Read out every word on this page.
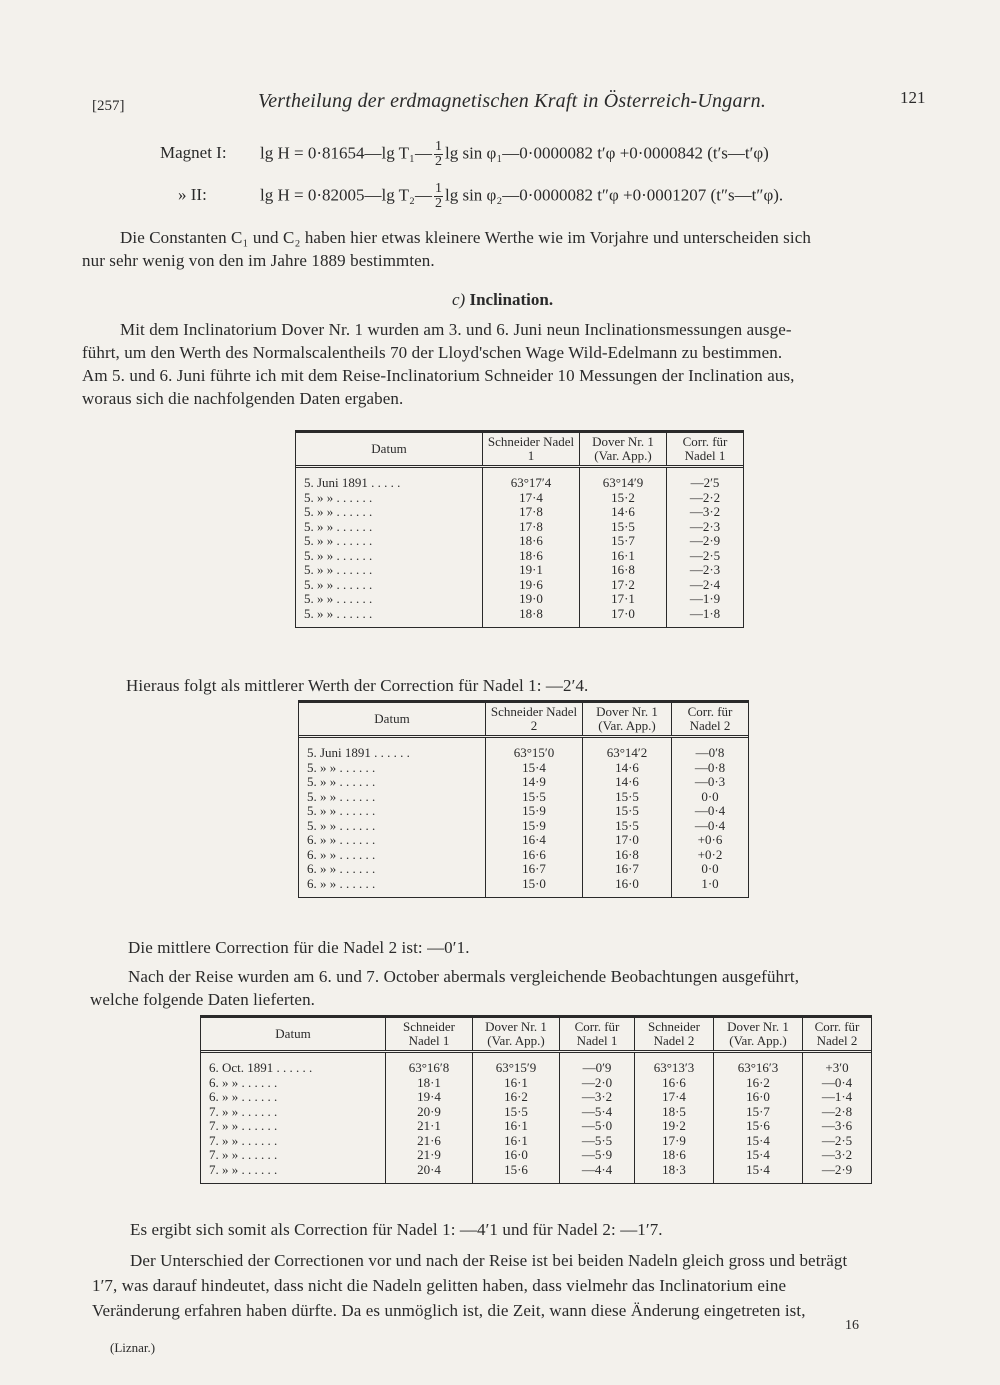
[257]	Vertheilung der erdmagnetischen Kraft in Österreich-Ungarn.	121
Magnet I: lg H = 0·81654—lg T₁— $\frac{1}{2}$ lg sin φ₁—0·0000082 t′φ +0·0000842 (t′s—t′φ)
» II:	lg H = 0·82005—lg T₂— $\frac{1}{2}$ lg sin φ₂—0·0000082 t″φ +0·0001207 (t″s—t″φ).
Die Constanten C₁ und C₂ haben hier etwas kleinere Werthe wie im Vorjahre und unterscheiden sich
nur sehr wenig von den im Jahre 1889 bestimmten.
c) Inclination.
Mit dem Inclinatorium Dover Nr. 1 wurden am 3. und 6. Juni neun Inclinationsmessungen ausge-
führt, um den Werth des Normalscalentheils 70 der Lloyd'schen Wage Wild-Edelmann zu bestimmen.
Am 5. und 6. Juni führte ich mit dem Reise-Inclinatorium Schneider 10 Messungen der Inclination aus,
woraus sich die nachfolgenden Daten ergaben.
Datum	Schneider Nadel 1	Dover Nr. 1 (Var. App.)	Corr. für Nadel 1
5. Juni 1891 . . . . .	63°17′4	63°14′9	—2′5
5. » » . . . . . .	17·4	15·2	—2·2
5. » » . . . . . .	17·8	14·6	—3·2
5. » » . . . . . .	17·8	15·5	—2·3
5. » » . . . . . .	18·6	15·7	—2·9
5. » » . . . . . .	18·6	16·1	—2·5
5. » » . . . . . .	19·1	16·8	—2·3
5. » » . . . . . .	19·6	17·2	—2·4
5. » » . . . . . .	19·0	17·1	—1·9
5. » » . . . . . .	18·8	17·0	—1·8
Hieraus folgt als mittlerer Werth der Correction für Nadel 1: —2′4.
Datum	Schneider Nadel 2	Dover Nr. 1 (Var. App.)	Corr. für Nadel 2
5. Juni 1891 . . . . . .	63°15′0	63°14′2	—0′8
5. » » . . . . . .	15·4	14·6	—0·8
5. » » . . . . . .	14·9	14·6	—0·3
5. » » . . . . . .	15·5	15·5	0·0
5. » » . . . . . .	15·9	15·5	—0·4
5. » » . . . . . .	15·9	15·5	—0·4
6. » » . . . . . .	16·4	17·0	+0·6
6. » » . . . . . .	16·6	16·8	+0·2
6. » » . . . . . .	16·7	16·7	0·0
6. » » . . . . . .	15·0	16·0	1·0
Die mittlere Correction für die Nadel 2 ist: —0′1.
Nach der Reise wurden am 6. und 7. October abermals vergleichende Beobachtungen ausgeführt,
welche folgende Daten lieferten.
Datum	Schneider Nadel 1	Dover Nr. 1 (Var. App.)	Corr. für Nadel 1	Schneider Nadel 2	Dover Nr. 1 (Var. App.)	Corr. für Nadel 2
6. Oct. 1891 . . . . . .	63°16′8	63°15′9	—0′9	63°13′3	63°16′3	+3′0
6. » » . . . . . .	18·1	16·1	—2·0	16·6	16·2	—0·4
6. » » . . . . . .	19·4	16·2	—3·2	17·4	16·0	—1·4
7. » » . . . . . .	20·9	15·5	—5·4	18·5	15·7	—2·8
7. » » . . . . . .	21·1	16·1	—5·0	19·2	15·6	—3·6
7. » » . . . . . .	21·6	16·1	—5·5	17·9	15·4	—2·5
7. » » . . . . . .	21·9	16·0	—5·9	18·6	15·4	—3·2
7. » » . . . . . .	20·4	15·6	—4·4	18·3	15·4	—2·9
Es ergibt sich somit als Correction für Nadel 1: —4′1 und für Nadel 2: —1′7.
Der Unterschied der Correctionen vor und nach der Reise ist bei beiden Nadeln gleich gross und beträgt
1′7, was darauf hindeutet, dass nicht die Nadeln gelitten haben, dass vielmehr das Inclinatorium eine
Veränderung erfahren haben dürfte. Da es unmöglich ist, die Zeit, wann diese Änderung eingetreten ist,
(Liznar.)
16
